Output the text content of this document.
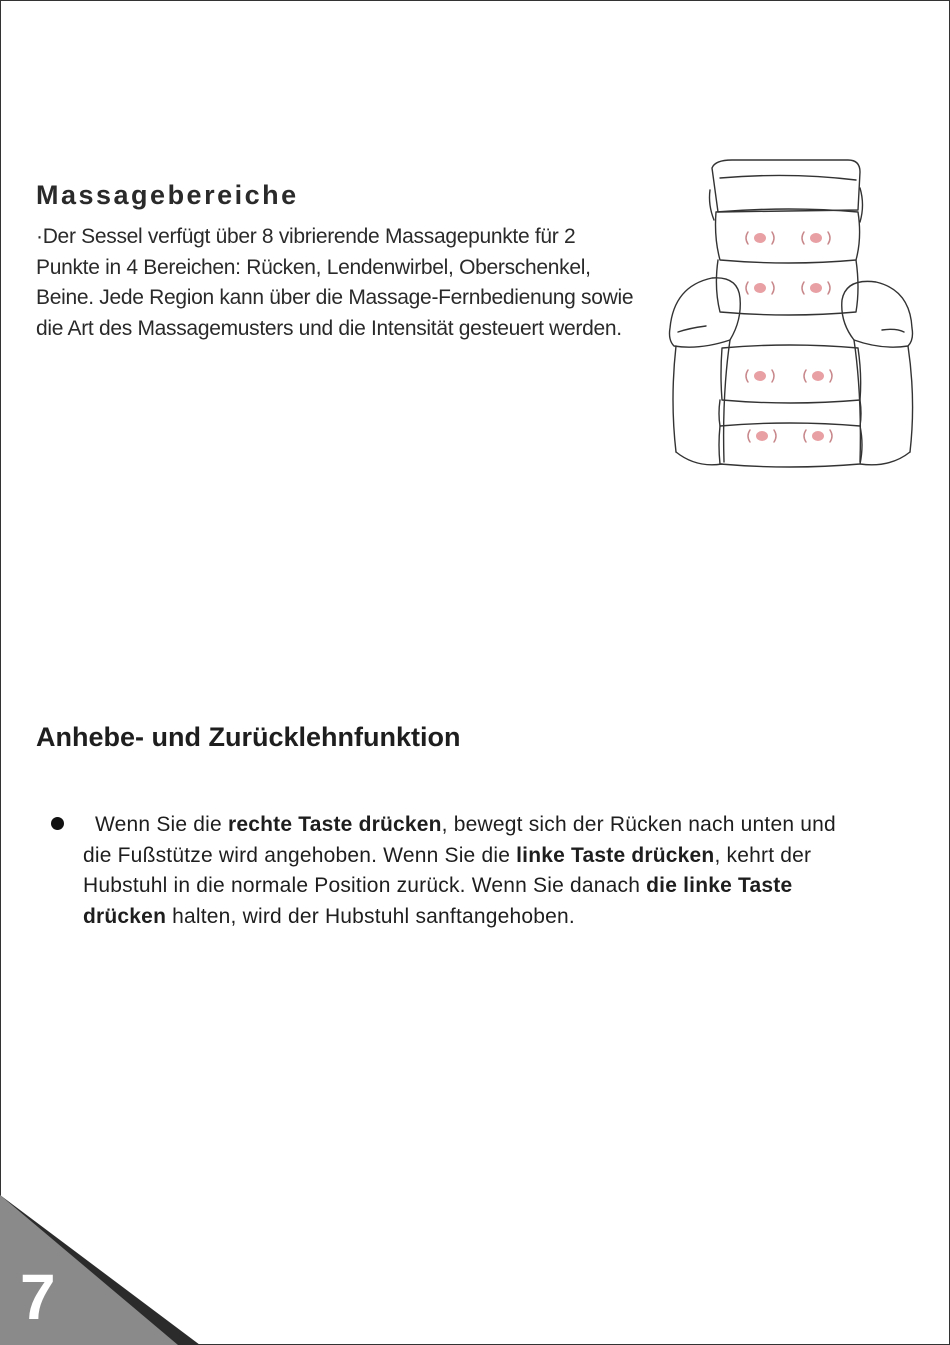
Massagebereiche

·Der Sessel verfügt über 8 vibrierende Massagepunkte für 2 Punkte in 4 Bereichen: Rücken, Lendenwirbel, Oberschenkel, Beine. Jede Region kann über die Massage-Fernbedienung sowie die Art des Massagemusters und die Intensität gesteuert werden.

Anhebe- und Zurücklehnfunktion

Wenn Sie die rechte Taste drücken, bewegt sich der Rücken nach unten und die Fußstütze wird angehoben. Wenn Sie die linke Taste drücken, kehrt der Hubstuhl in die normale Position zurück. Wenn Sie danach die linke Taste drücken halten, wird der Hubstuhl sanftangehoben.

7
